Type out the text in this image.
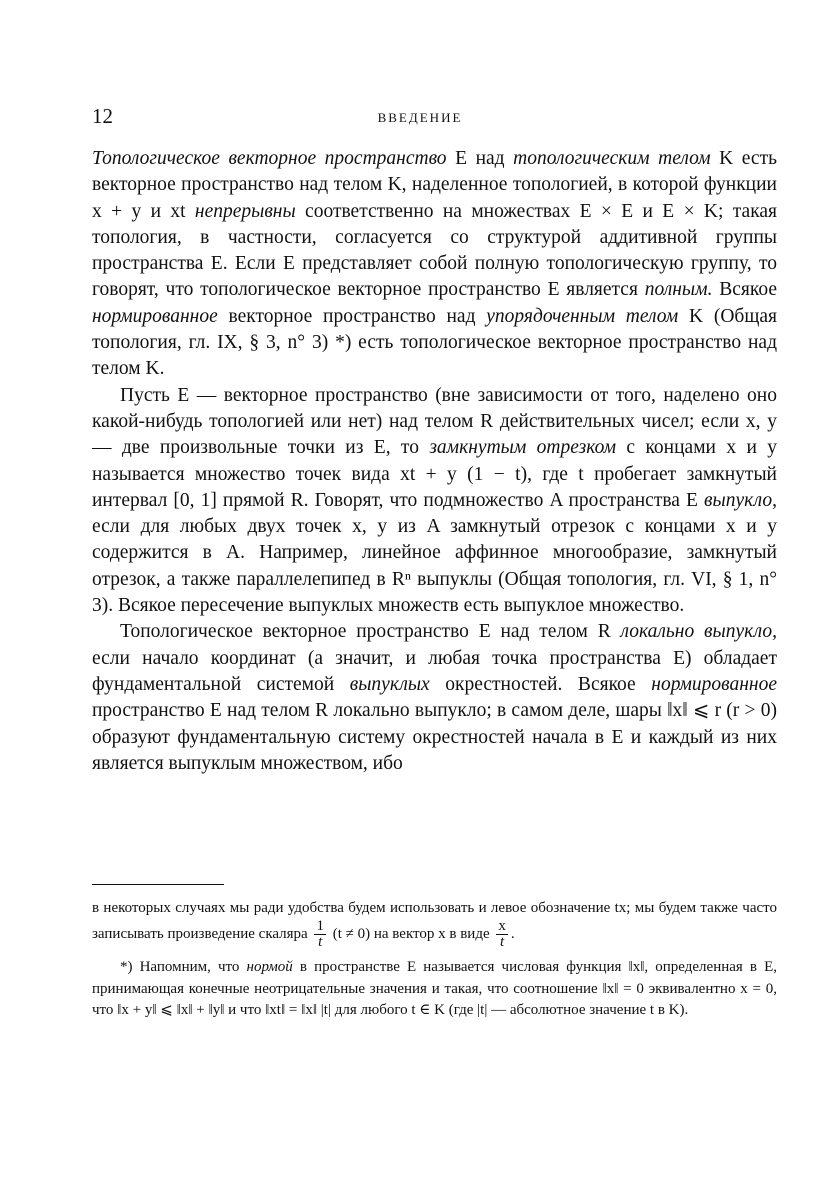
12	ВВЕДЕНИЕ

Топологическое векторное пространство E над топологическим телом K есть векторное пространство над телом K, наделенное топологией, в которой функции x + y и xt непрерывны соответственно на множествах E × E и E × K; такая топология, в частности, согласуется со структурой аддитивной группы пространства E. Если E представляет собой полную топологическую группу, то говорят, что топологическое векторное пространство E является полным. Всякое нормированное векторное пространство над упорядоченным телом K (Общая топология, гл. IX, § 3, n° 3) *) есть топологическое векторное пространство над телом K.

Пусть E — векторное пространство (вне зависимости от того, наделено оно какой-нибудь топологией или нет) над телом R действительных чисел; если x, y — две произвольные точки из E, то замкнутым отрезком с концами x и y называется множество точек вида xt + y (1 − t), где t пробегает замкнутый интервал [0, 1] прямой R. Говорят, что подмножество A пространства E выпукло, если для любых двух точек x, y из A замкнутый отрезок с концами x и y содержится в A. Например, линейное аффинное многообразие, замкнутый отрезок, а также параллелепипед в Rⁿ выпуклы (Общая топология, гл. VI, § 1, n° 3). Всякое пересечение выпуклых множеств есть выпуклое множество.

Топологическое векторное пространство E над телом R локально выпукло, если начало координат (а значит, и любая точка пространства E) обладает фундаментальной системой выпуклых окрестностей. Всякое нормированное пространство E над телом R локально выпукло; в самом деле, шары ‖x‖ ⩽ r (r > 0) образуют фундаментальную систему окрестностей начала в E и каждый из них является выпуклым множеством, ибо

в некоторых случаях мы ради удобства будем использовать и левое обозначение tx; мы будем также часто записывать произведение скаляра $\frac{1}{t} (t \ne 0)$ на вектор x в виде $\frac{x}{t}$ .

*) Напомним, что нормой в пространстве E называется числовая функция ‖x‖, определенная в E, принимающая конечные неотрицательные значения и такая, что соотношение ‖x‖ = 0 эквивалентно x = 0, что ‖x + y‖ ⩽ ‖x‖ + ‖y‖ и что ‖xt‖ = ‖x‖ |t| для любого t ∈ K (где |t| — абсолютное значение t в K).
